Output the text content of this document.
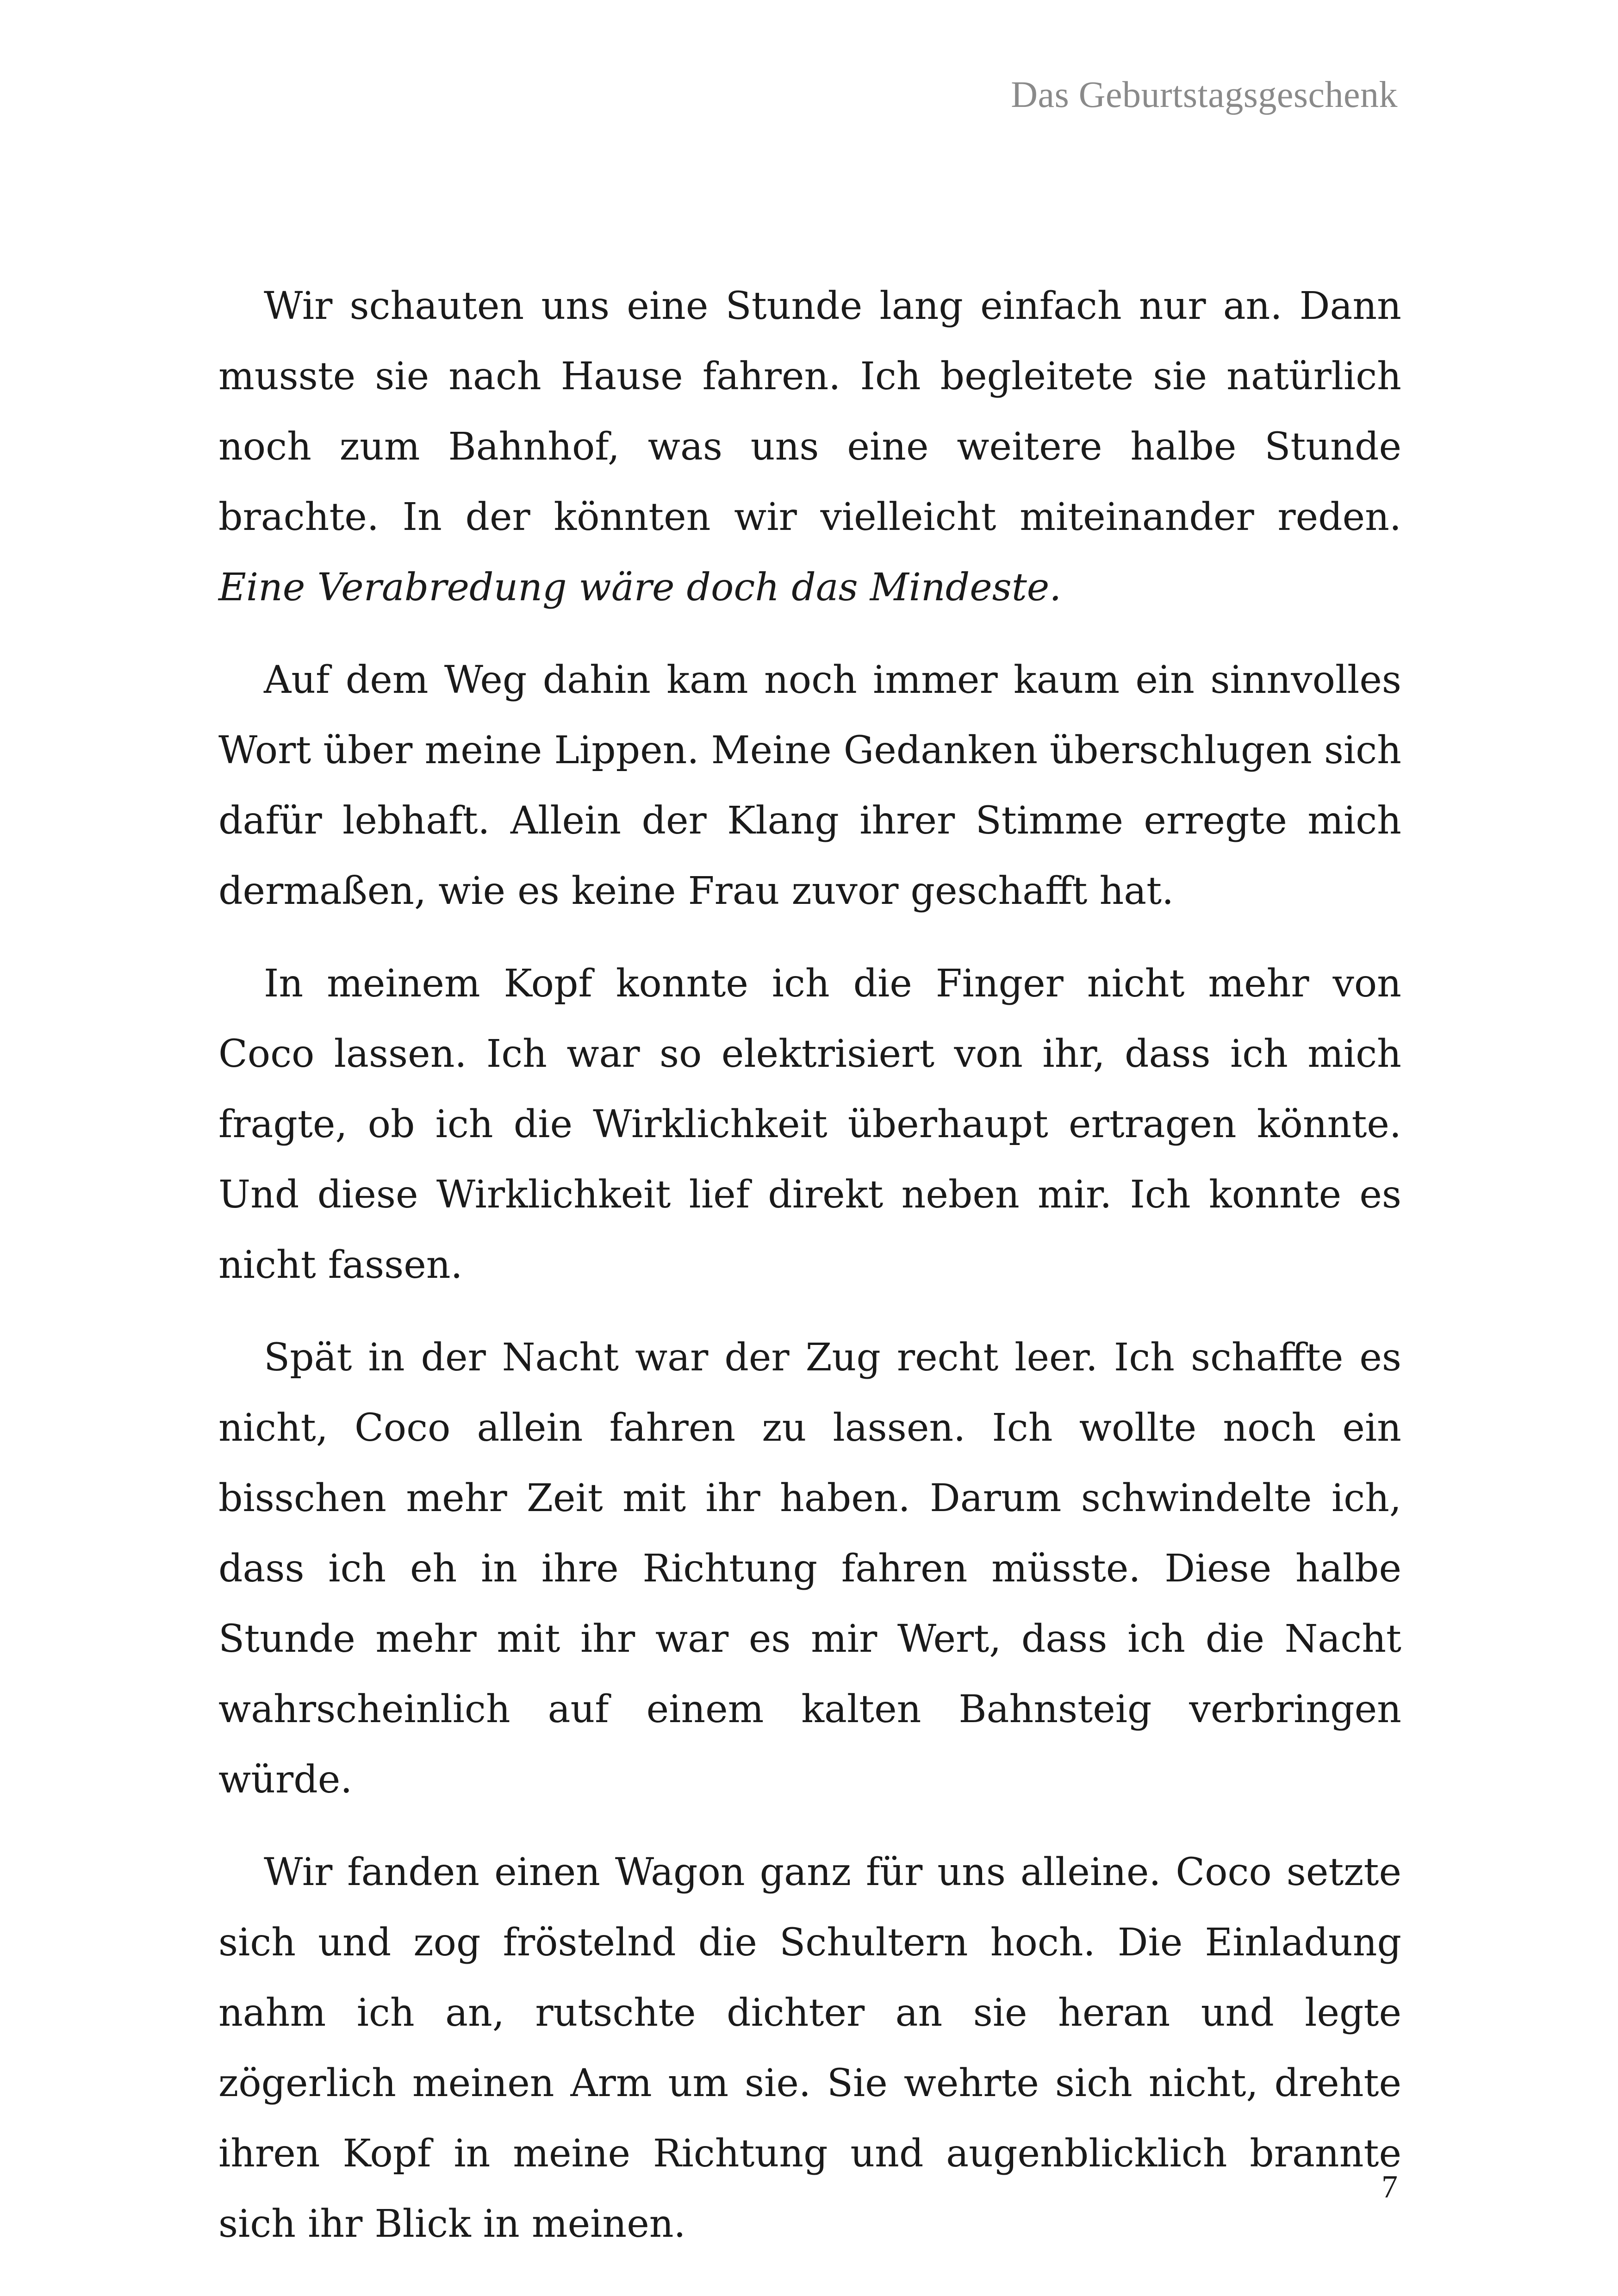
Das Geburtstagsgeschenk

Wir schauten uns eine Stunde lang einfach nur an. Dann musste sie nach Hause fahren. Ich begleitete sie natürlich noch zum Bahnhof, was uns eine weitere halbe Stunde brachte. In der könnten wir vielleicht miteinander reden. Eine Verabredung wäre doch das Mindeste.

Auf dem Weg dahin kam noch immer kaum ein sinnvolles Wort über meine Lippen. Meine Gedanken überschlugen sich dafür lebhaft. Allein der Klang ihrer Stimme erregte mich dermaßen, wie es keine Frau zuvor geschafft hat.

In meinem Kopf konnte ich die Finger nicht mehr von Coco lassen. Ich war so elektrisiert von ihr, dass ich mich fragte, ob ich die Wirklichkeit überhaupt ertragen könnte. Und diese Wirklichkeit lief direkt neben mir. Ich konnte es nicht fassen.

Spät in der Nacht war der Zug recht leer. Ich schaffte es nicht, Coco allein fahren zu lassen. Ich wollte noch ein bisschen mehr Zeit mit ihr haben. Darum schwindelte ich, dass ich eh in ihre Richtung fahren müsste. Diese halbe Stunde mehr mit ihr war es mir Wert, dass ich die Nacht wahrscheinlich auf einem kalten Bahnsteig verbringen würde.

Wir fanden einen Wagon ganz für uns alleine. Coco setzte sich und zog fröstelnd die Schultern hoch. Die Einladung nahm ich an, rutschte dichter an sie heran und legte zögerlich meinen Arm um sie. Sie wehrte sich nicht, drehte ihren Kopf in meine Richtung und augenblicklich brannte sich ihr Blick in meinen.

7
